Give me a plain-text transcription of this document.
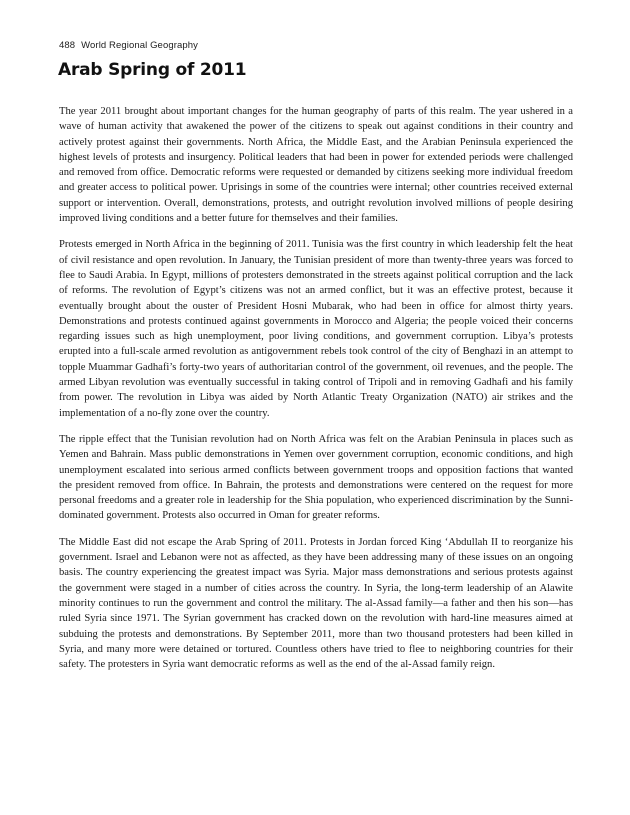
488 World Regional Geography
Arab Spring of 2011

The year 2011 brought about important changes for the human geography of parts of this realm. The year ushered in a wave of human activity that awakened the power of the citizens to speak out against conditions in their country and actively protest against their governments. North Africa, the Middle East, and the Arabian Peninsula experienced the highest levels of protests and insurgency. Political leaders that had been in power for extended periods were challenged and removed from office. Democratic reforms were requested or demanded by citizens seeking more individual freedom and greater access to political power. Uprisings in some of the countries were internal; other countries received external support or intervention. Overall, demonstrations, protests, and outright revolution involved millions of people desiring improved living conditions and a better future for themselves and their families.

Protests emerged in North Africa in the beginning of 2011. Tunisia was the first country in which leadership felt the heat of civil resistance and open revolution. In January, the Tunisian president of more than twenty-three years was forced to flee to Saudi Arabia. In Egypt, millions of protesters demonstrated in the streets against political corruption and the lack of reforms. The revolution of Egypt’s citizens was not an armed conflict, but it was an effective protest, because it eventually brought about the ouster of President Hosni Mubarak, who had been in office for almost thirty years. Demonstrations and protests continued against governments in Morocco and Algeria; the people voiced their concerns regarding issues such as high unemployment, poor living conditions, and government corruption. Libya’s protests erupted into a full-scale armed revolution as antigovernment rebels took control of the city of Benghazi in an attempt to topple Muammar Gadhafi’s forty-two years of authoritarian control of the government, oil revenues, and the people. The armed Libyan revolution was eventually successful in taking control of Tripoli and in removing Gadhafi and his family from power. The revolution in Libya was aided by North Atlantic Treaty Organization (NATO) air strikes and the implementation of a no-fly zone over the country.

The ripple effect that the Tunisian revolution had on North Africa was felt on the Arabian Peninsula in places such as Yemen and Bahrain. Mass public demonstrations in Yemen over government corruption, economic conditions, and high unemployment escalated into serious armed conflicts between government troops and opposition factions that wanted the president removed from office. In Bahrain, the protests and demonstrations were centered on the request for more personal freedoms and a greater role in leadership for the Shia population, who experienced discrimination by the Sunni-dominated government. Protests also occurred in Oman for greater reforms.

The Middle East did not escape the Arab Spring of 2011. Protests in Jordan forced King ‘Abdullah II to reorganize his government. Israel and Lebanon were not as affected, as they have been addressing many of these issues on an ongoing basis. The country experiencing the greatest impact was Syria. Major mass demonstrations and serious protests against the government were staged in a number of cities across the country. In Syria, the long-term leadership of an Alawite minority continues to run the government and control the military. The al-Assad family—a father and then his son—has ruled Syria since 1971. The Syrian government has cracked down on the revolution with hard-line measures aimed at subduing the protests and demonstrations. By September 2011, more than two thousand protesters had been killed in Syria, and many more were detained or tortured. Countless others have tried to flee to neighboring countries for their safety. The protesters in Syria want democratic reforms as well as the end of the al-Assad family reign.
